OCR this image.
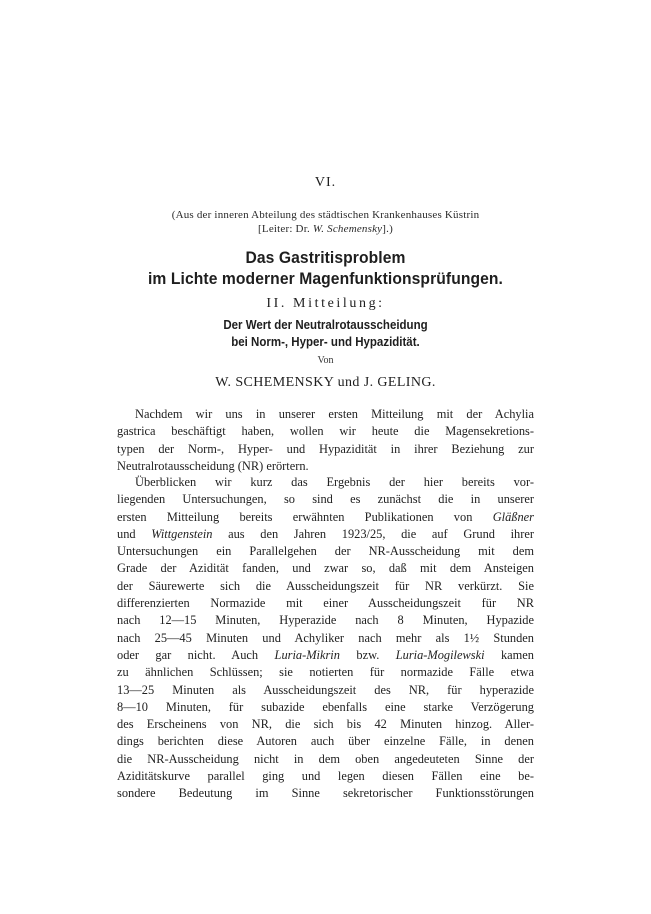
VI.
(Aus der inneren Abteilung des städtischen Krankenhauses Küstrin
[Leiter: Dr. W. Schemensky].)
Das Gastritisproblem
im Lichte moderner Magenfunktionsprüfungen.
II. Mitteilung:
Der Wert der Neutralrotausscheidung
bei Norm-, Hyper- und Hypazidität.
Von
W. SCHEMENSKY und J. GELING.
Nachdem wir uns in unserer ersten Mitteilung mit der Achylia
gastrica beschäftigt haben, wollen wir heute die Magensekretions-
typen der Norm-, Hyper- und Hypazidität in ihrer Beziehung zur
Neutralrotausscheidung (NR) erörtern.
Überblicken wir kurz das Ergebnis der hier bereits vor-
liegenden Untersuchungen, so sind es zunächst die in unserer
ersten Mitteilung bereits erwähnten Publikationen von Gläßner
und Wittgenstein aus den Jahren 1923/25, die auf Grund ihrer
Untersuchungen ein Parallelgehen der NR-Ausscheidung mit dem
Grade der Azidität fanden, und zwar so, daß mit dem Ansteigen
der Säurewerte sich die Ausscheidungszeit für NR verkürzt. Sie
differenzierten Normazide mit einer Ausscheidungszeit für NR
nach 12—15 Minuten, Hyperazide nach 8 Minuten, Hypazide
nach 25—45 Minuten und Achyliker nach mehr als 1½ Stunden
oder gar nicht. Auch Luria-Mikrin bzw. Luria-Mogilewski kamen
zu ähnlichen Schlüssen; sie notierten für normazide Fälle etwa
13—25 Minuten als Ausscheidungszeit des NR, für hyperazide
8—10 Minuten, für subazide ebenfalls eine starke Verzögerung
des Erscheinens von NR, die sich bis 42 Minuten hinzog. Aller-
dings berichten diese Autoren auch über einzelne Fälle, in denen
die NR-Ausscheidung nicht in dem oben angedeuteten Sinne der
Aziditätskurve parallel ging und legen diesen Fällen eine be-
sondere Bedeutung im Sinne sekretorischer Funktionsstörungen
